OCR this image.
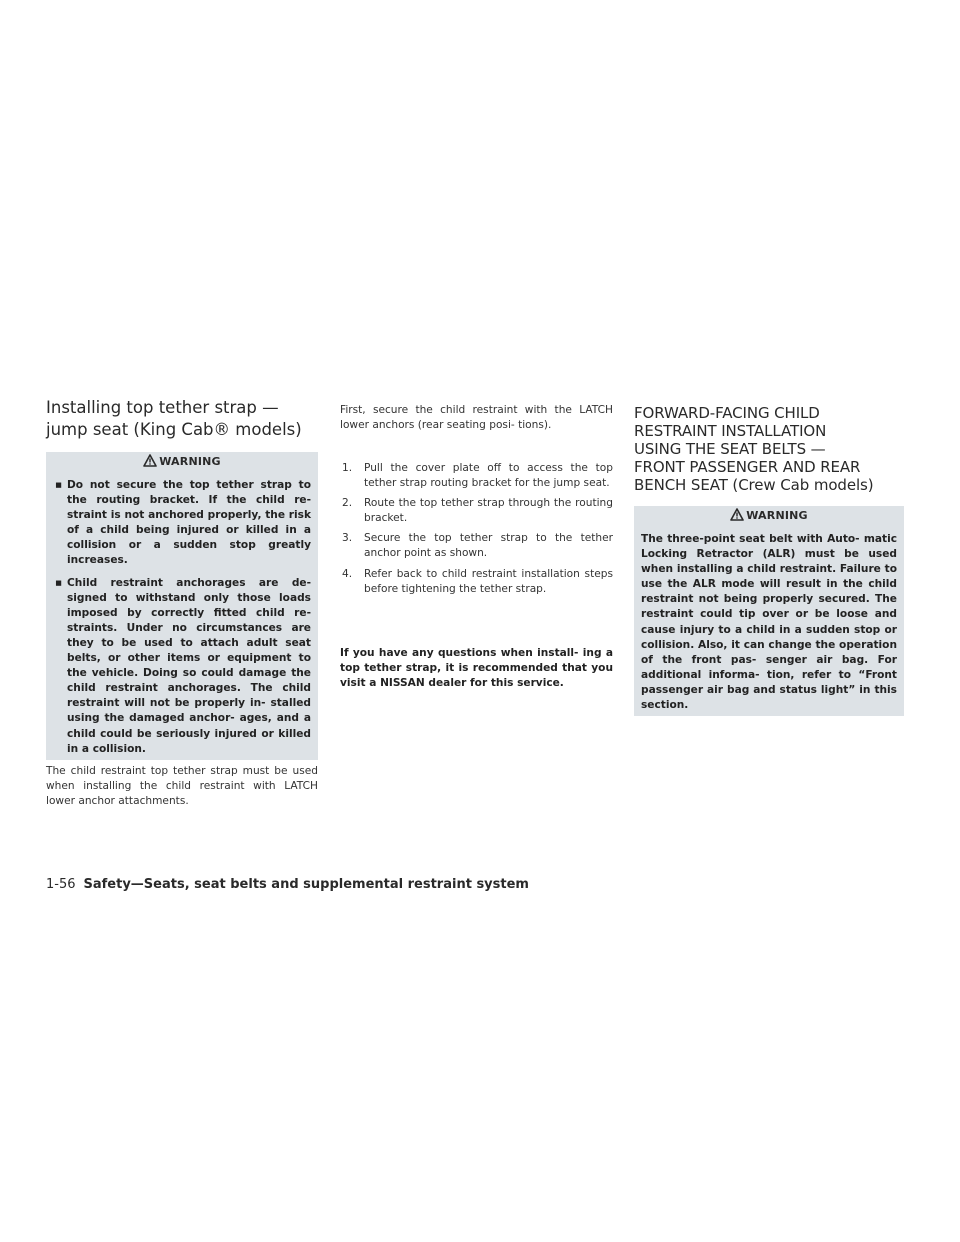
Installing top tether strap —
jump seat (King Cab® models)
WARNING
▪ Do not secure the top tether strap to the routing bracket. If the child re- straint is not anchored properly, the risk of a child being injured or killed in a collision or a sudden stop greatly increases.
▪ Child restraint anchorages are de- signed to withstand only those loads imposed by correctly fitted child re- straints. Under no circumstances are they to be used to attach adult seat belts, or other items or equipment to the vehicle. Doing so could damage the child restraint anchorages. The child restraint will not be properly in- stalled using the damaged anchor- ages, and a child could be seriously injured or killed in a collision.

The child restraint top tether strap must be used when installing the child restraint with LATCH lower anchor attachments.

First, secure the child restraint with the LATCH lower anchors (rear seating posi- tions).

1. Pull the cover plate off to access the top tether strap routing bracket for the jump seat.
2. Route the top tether strap through the routing bracket.
3. Secure the top tether strap to the tether anchor point as shown.
4. Refer back to child restraint installation steps before tightening the tether strap.

If you have any questions when install- ing a top tether strap, it is recommended that you visit a NISSAN dealer for this service.

FORWARD-FACING CHILD
RESTRAINT INSTALLATION
USING THE SEAT BELTS —
FRONT PASSENGER AND REAR
BENCH SEAT (Crew Cab models)
WARNING
The three-point seat belt with Auto- matic Locking Retractor (ALR) must be used when installing a child restraint. Failure to use the ALR mode will result in the child restraint not being properly secured. The restraint could tip over or be loose and cause injury to a child in a sudden stop or collision. Also, it can change the operation of the front pas- senger air bag. For additional informa- tion, refer to “Front passenger air bag and status light” in this section.
1-56 Safety—Seats, seat belts and supplemental restraint system
